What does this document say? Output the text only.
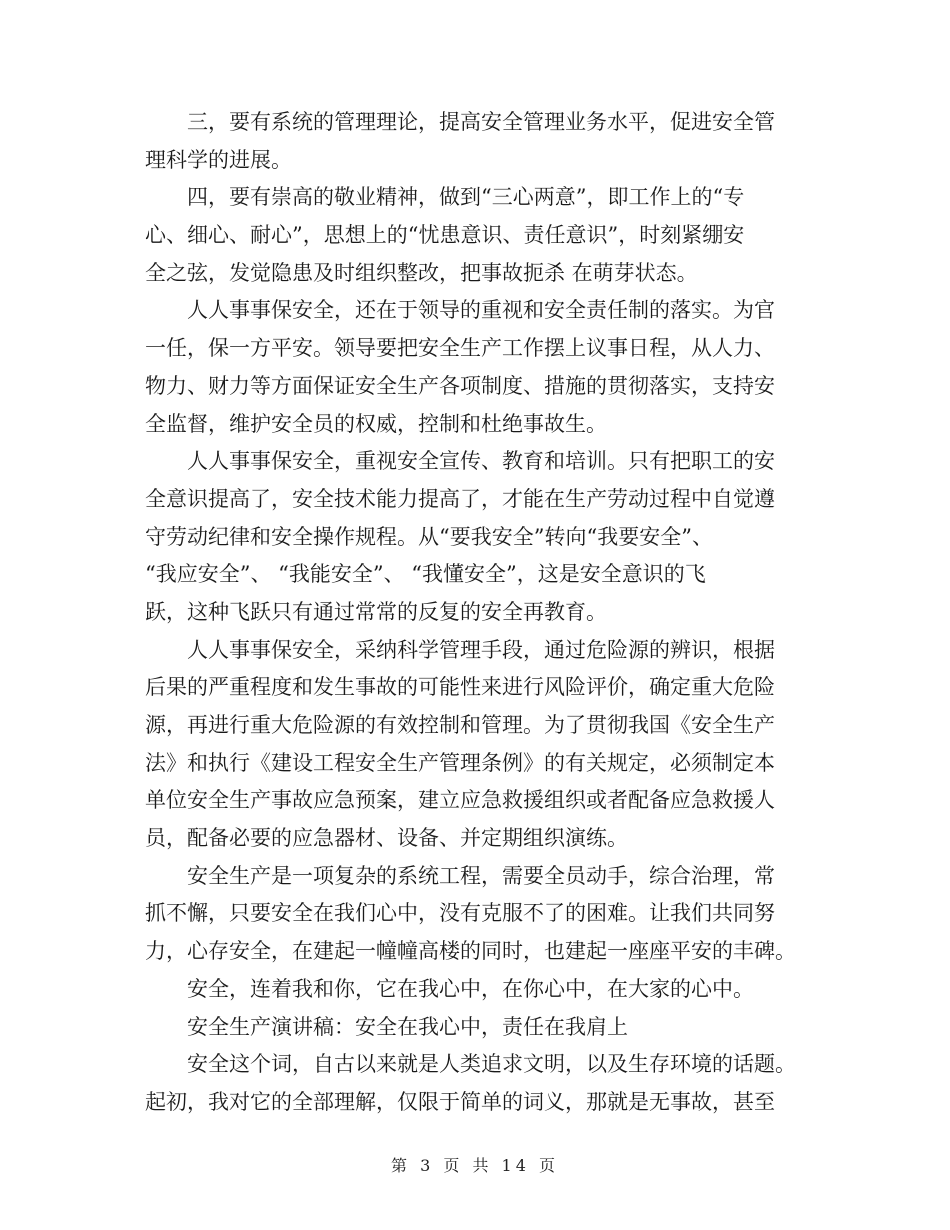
三，要有系统的管理理论，提高安全管理业务水平，促进安全管
理科学的进展。
四，要有崇高的敬业精神，做到“三心两意”，即工作上的“专
心、细心、耐心”，思想上的“忧患意识、责任意识”，时刻紧绷安
全之弦，发觉隐患及时组织整改，把事故扼杀 在萌芽状态。
人人事事保安全，还在于领导的重视和安全责任制的落实。为官
一任，保一方平安。领导要把安全生产工作摆上议事日程，从人力、
物力、财力等方面保证安全生产各项制度、措施的贯彻落实，支持安
全监督，维护安全员的权威，控制和杜绝事故生。
人人事事保安全，重视安全宣传、教育和培训。只有把职工的安
全意识提高了，安全技术能力提高了，才能在生产劳动过程中自觉遵
守劳动纪律和安全操作规程。从“要我安全”转向“我要安全”、
“我应安全”、 “我能安全”、 “我懂安全”，这是安全意识的飞
跃，这种飞跃只有通过常常的反复的安全再教育。
人人事事保安全，采纳科学管理手段，通过危险源的辨识，根据
后果的严重程度和发生事故的可能性来进行风险评价，确定重大危险
源，再进行重大危险源的有效控制和管理。为了贯彻我国《安全生产
法》和执行《建设工程安全生产管理条例》的有关规定，必须制定本
单位安全生产事故应急预案，建立应急救援组织或者配备应急救援人
员，配备必要的应急器材、设备、并定期组织演练。
安全生产是一项复杂的系统工程，需要全员动手，综合治理，常
抓不懈，只要安全在我们心中，没有克服不了的困难。让我们共同努
力，心存安全，在建起一幢幢高楼的同时，也建起一座座平安的丰碑。
安全，连着我和你，它在我心中，在你心中，在大家的心中。
安全生产演讲稿：安全在我心中，责任在我肩上
安全这个词，自古以来就是人类追求文明，以及生存环境的话题。
起初，我对它的全部理解，仅限于简单的词义，那就是无事故，甚至
第 3 页 共 14 页
